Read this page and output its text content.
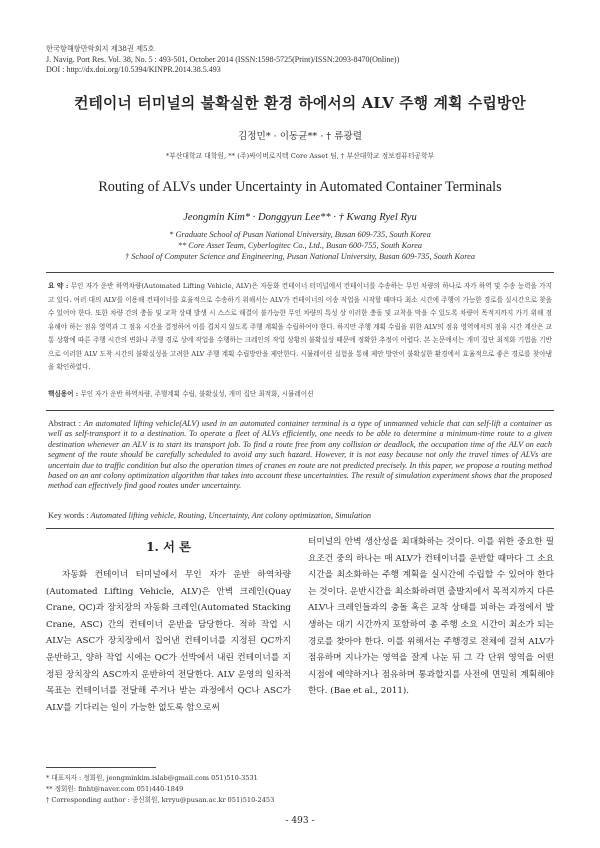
한국항해항만학회지 제38권 제5호
J. Navig. Port Res. Vol. 38, No. 5 : 493-501, October 2014 (ISSN:1598-5725(Print)/ISSN:2093-8470(Online))
DOI : http://dx.doi.org/10.5394/KINPR.2014.38.5.493
컨테이너 터미널의 불확실한 환경 하에서의 ALV 주행 계획 수립방안
김정민* · 이동균** · † 류광렬
*부산대학교 대학원, ** (주)싸이버로지텍 Core Asset 팀, † 부산대학교 정보컴퓨터공학부
Routing of ALVs under Uncertainty in Automated Container Terminals
Jeongmin Kim* · Donggyun Lee** · † Kwang Ryel Ryu
* Graduate School of Pusan National University, Busan 609-735, South Korea
** Core Asset Team, Cyberlogitec Co., Ltd., Busan 600-755, South Korea
† School of Computer Science and Engineering, Pusan National University, Busan 609-735, South Korea
요 약 : 무인 자가 운반 하역차량(Automated Lifting Vehicle, ALV)은 자동화 컨테이너 터미널에서 컨테이너를 수송하는 무인 차량의 하나로 자가 하역 및 수송 능력을 가지고 있다. 여러 대의 ALV를 이용해 컨테이너를 효율적으로 수송하기 위해서는 ALV가 컨테이너의 이송 작업을 시작할 때마다 최소 시간에 주행이 가능한 경로를 실시간으로 찾을 수 있어야 한다. 또한 차량 간의 충돌 및 교착 상태 발생 시 스스로 해결이 불가능한 무인 차량의 특성 상 이러한 충돌 및 교착을 막을 수 있도록 차량이 목적지까지 가기 위해 점유해야 하는 점유 영역과 그 점유 시간을 결정하여 이를 겹치지 않도록 주행 계획을 수립하여야 한다. 하지만 주행 계획 수립을 위한 ALV의 점유 영역에서의 점유 시간 계산은 교통 상황에 따른 주행 시간의 변화나 주행 경로 상에 작업을 수행하는 크레인의 작업 상황의 불확실성 때문에 정확한 추정이 어렵다. 본 논문에서는 개미 집단 최적화 기법을 기반으로 이러한 ALV 도착 시간의 불확실성을 고려한 ALV 주행 계획 수립방안을 제안한다. 시뮬레이션 실험을 통해 제안 방안이 불확실한 환경에서 효율적으로 좋은 경로를 찾아냄을 확인하였다.
핵심용어 : 무인 자가 운반 하역차량, 주행계획 수립, 불확실성, 개미 집단 최적화, 시뮬레이션
Abstract : An automated lifting vehicle(ALV) used in an automated container terminal is a type of unmanned vehicle that can self-lift a container as well as self-transport it to a destination. To operate a fleet of ALVs efficiently, one needs to be able to determine a minimum-time route to a given destination whenever an ALV is to start its transport job. To find a route free from any collision or deadlock, the occupation time of the ALV on each segment of the route should be carefully scheduled to avoid any such hazard. However, it is not easy because not only the travel times of ALVs are uncertain due to traffic condition but also the operation times of cranes en route are not predicted precisely. In this paper, we propose a routing method based on an ant colony optimization algorithm that takes into account these uncertainties. The result of simulation experiment shows that the proposed method can effectively find good routes under uncertainty.
Key words : Automated lifting vehicle, Routing, Uncertainty, Ant colony optimization, Simulation
1. 서 론

자동화 컨테이너 터미널에서 무인 자가 운반 하역차량(Automated Lifting Vehicle, ALV)은 안벽 크레인(Quay Crane, QC)과 장치장의 자동화 크레인(Automated Stacking Crane, ASC) 간의 컨테이너 운반을 담당한다. 적하 작업 시 ALV는 ASC가 장치장에서 집어낸 컨테이너를 지정된 QC까지 운반하고, 양하 작업 시에는 QC가 선박에서 내린 컨테이너를 지정된 장치장의 ASC까지 운반하여 전달한다. ALV 운영의 일차적 목표는 컨테이너를 전달해 주거나 받는 과정에서 QC나 ASC가 ALV를 기다리는 일이 가능한 없도록 함으로써

터미널의 안벽 생산성을 최대화하는 것이다. 이를 위한 중요한 필요조건 중의 하나는 매 ALV가 컨테이너를 운반할 때마다 그 소요시간을 최소화하는 주행 계획을 실시간에 수립할 수 있어야 한다는 것이다. 운반시간을 최소화하려면 출발지에서 목적지까지 다른 ALV나 크레인들과의 충돌 혹은 교착 상태를 피하는 과정에서 발생하는 대기 시간까지 포함하여 총 주행 소요 시간이 최소가 되는 경로를 찾아야 한다. 이를 위해서는 주행경로 전체에 걸쳐 ALV가 점유하며 지나가는 영역을 잘게 나눈 뒤 그 각 단위 영역을 어떤 시점에 예약하거나 점유하며 통과할지를 사전에 면밀히 계획해야 한다. (Bae et al., 2011).

* 대표저자 : 정회원, jeongminkim.islab@gmail.com 051)510-3531
** 정회원: finht@naver.com 051)440-1849
† Corresponding author : 종신회원, krryu@pusan.ac.kr 051)510-2453
- 493 -
